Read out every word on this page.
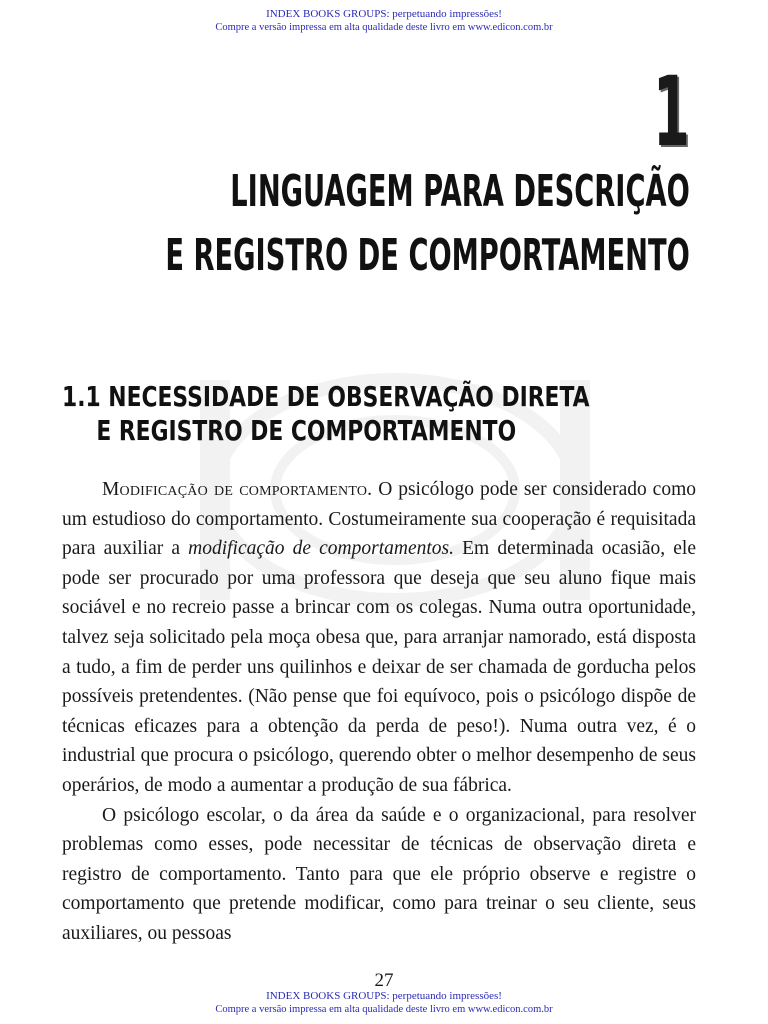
INDEX BOOKS GROUPS: perpetuando impressões!
Compre a versão impressa em alta qualidade deste livro em www.edicon.com.br
1
LINGUAGEM PARA DESCRIÇÃO
E REGISTRO DE COMPORTAMENTO
1.1 NECESSIDADE DE OBSERVAÇÃO DIRETA
E REGISTRO DE COMPORTAMENTO

Modificação de comportamento. O psicólogo pode ser considerado como um estudioso do comportamento. Costumeiramente sua cooperação é requisitada para auxiliar a modificação de comportamentos. Em determinada ocasião, ele pode ser procurado por uma professora que deseja que seu aluno fique mais sociável e no recreio passe a brincar com os colegas. Numa outra oportunidade, talvez seja solicitado pela moça obesa que, para arranjar namorado, está disposta a tudo, a fim de perder uns quilinhos e deixar de ser chamada de gorducha pelos possíveis pretendentes. (Não pense que foi equívoco, pois o psicólogo dispõe de técnicas eficazes para a obtenção da perda de peso!). Numa outra vez, é o industrial que procura o psicólogo, querendo obter o melhor desempenho de seus operários, de modo a aumentar a produção de sua fábrica.

O psicólogo escolar, o da área da saúde e o organizacional, para resolver problemas como esses, pode necessitar de técnicas de observação direta e registro de comportamento. Tanto para que ele próprio observe e registre o comportamento que pretende modificar, como para treinar o seu cliente, seus auxiliares, ou pessoas

27
INDEX BOOKS GROUPS: perpetuando impressões!
Compre a versão impressa em alta qualidade deste livro em www.edicon.com.br
